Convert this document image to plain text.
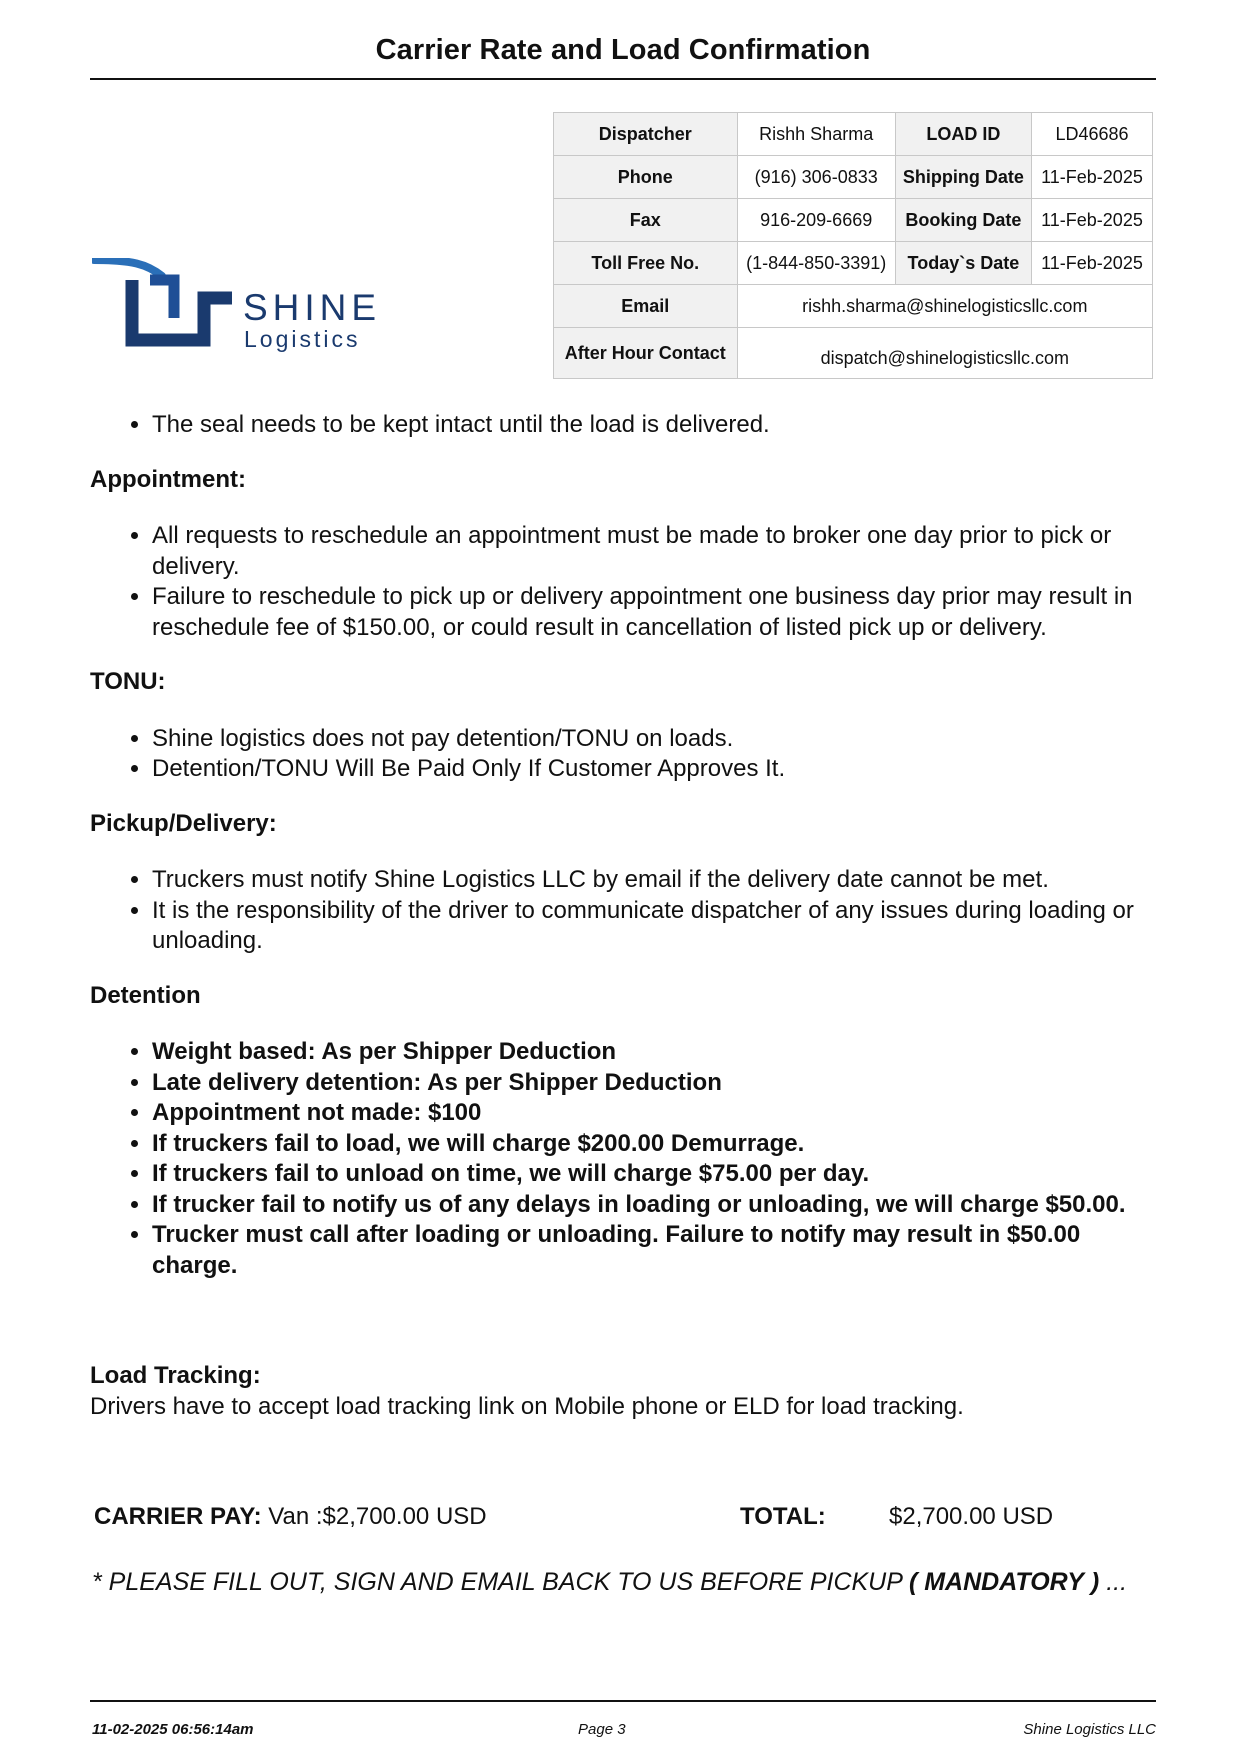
Carrier Rate and Load Confirmation
SHINE
Logistics
Dispatcher	Rishh Sharma	LOAD ID	LD46686
Phone	(916) 306-0833	Shipping Date	11-Feb-2025
Fax	916-209-6669	Booking Date	11-Feb-2025
Toll Free No.	(1-844-850-3391)	Today`s Date	11-Feb-2025
Email	rishh.sharma@shinelogisticsllc.com		
After Hour Contact	dispatch@shinelogisticsllc.com		
• The seal needs to be kept intact until the load is delivered.

Appointment:

• All requests to reschedule an appointment must be made to broker one day prior to pick or delivery.
• Failure to reschedule to pick up or delivery appointment one business day prior may result in reschedule fee of $150.00, or could result in cancellation of listed pick up or delivery.

TONU:

• Shine logistics does not pay detention/TONU on loads.
• Detention/TONU Will Be Paid Only If Customer Approves It.

Pickup/Delivery:

• Truckers must notify Shine Logistics LLC by email if the delivery date cannot be met.
• It is the responsibility of the driver to communicate dispatcher of any issues during loading or unloading.

Detention

• Weight based: As per Shipper Deduction
• Late delivery detention: As per Shipper Deduction
• Appointment not made: $100
• If truckers fail to load, we will charge $200.00 Demurrage.
• If truckers fail to unload on time, we will charge $75.00 per day.
• If trucker fail to notify us of any delays in loading or unloading, we will charge $50.00.
• Trucker must call after loading or unloading. Failure to notify may result in $50.00 charge.

Load Tracking:

Drivers have to accept load tracking link on Mobile phone or ELD for load tracking.

CARRIER PAY: Van :$2,700.00 USD	TOTAL:	$2,700.00 USD
* PLEASE FILL OUT, SIGN AND EMAIL BACK TO US BEFORE PICKUP ( MANDATORY ) ...
11-02-2025 06:56:14am	Page 3	Shine Logistics LLC
